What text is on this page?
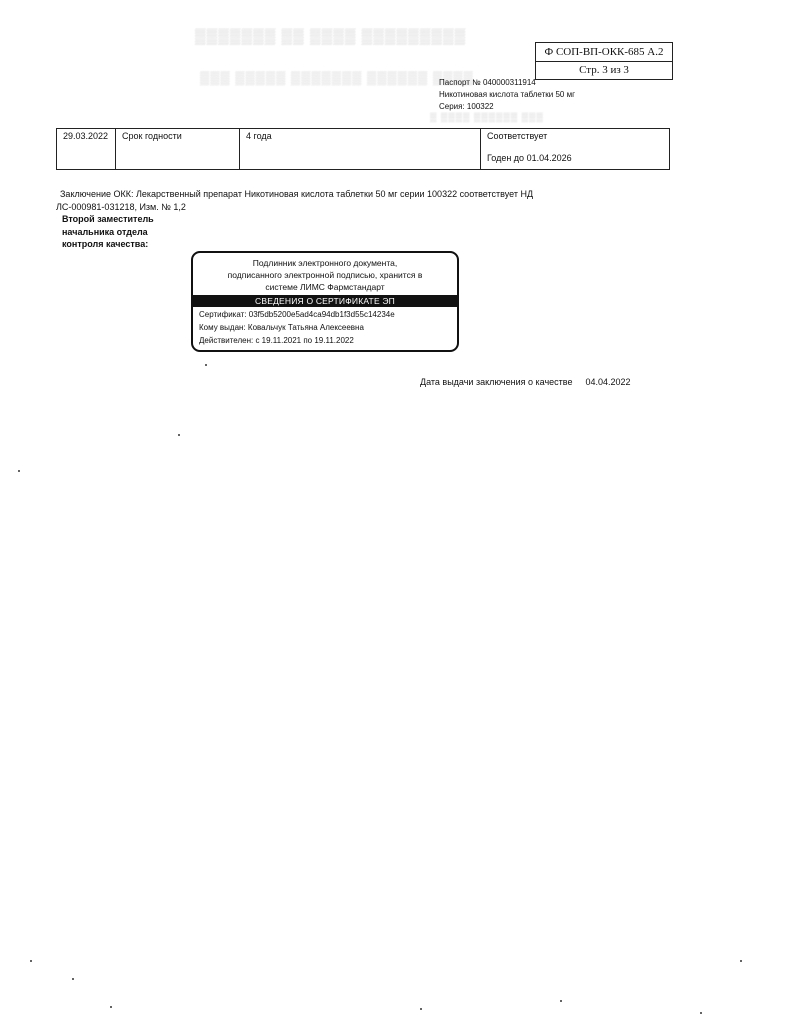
▒▒▒▒▒▒▒ ▒▒ ▒▒▒▒ ▒▒▒▒▒▒▒▒▒
▒▒▒ ▒▒▒▒▒ ▒▒▒▒▒▒▒ ▒▒▒▒▒▒ ▒▒▒▒
▒ ▒▒▒▒ ▒▒▒▒▒▒ ▒▒▒
Ф СОП-ВП-ОКК-685 А.2
Стр. 3 из 3
Паспорт № 040000311914
Никотиновая кислота таблетки 50 мг
Серия: 100322
29.03.2022	Срок годности	4 года	Соответствует
Годен до 01.04.2026
Заключение ОКК: Лекарственный препарат Никотиновая кислота таблетки 50 мг серии 100322 соответствует НД
ЛС-000981-031218, Изм. № 1,2
Второй заместитель
начальника отдела
контроля качества:
Подлинник электронного документа,
подписанного электронной подписью, хранится в
системе ЛИМС Фармстандарт
СВЕДЕНИЯ О СЕРТИФИКАТЕ ЭП
Сертификат: 03f5db5200e5ad4ca94db1f3d55c14234e
Кому выдан: Ковальчук Татьяна Алексеевна
Действителен: с 19.11.2021 по 19.11.2022
Дата выдачи заключения о качестве 04.04.2022
